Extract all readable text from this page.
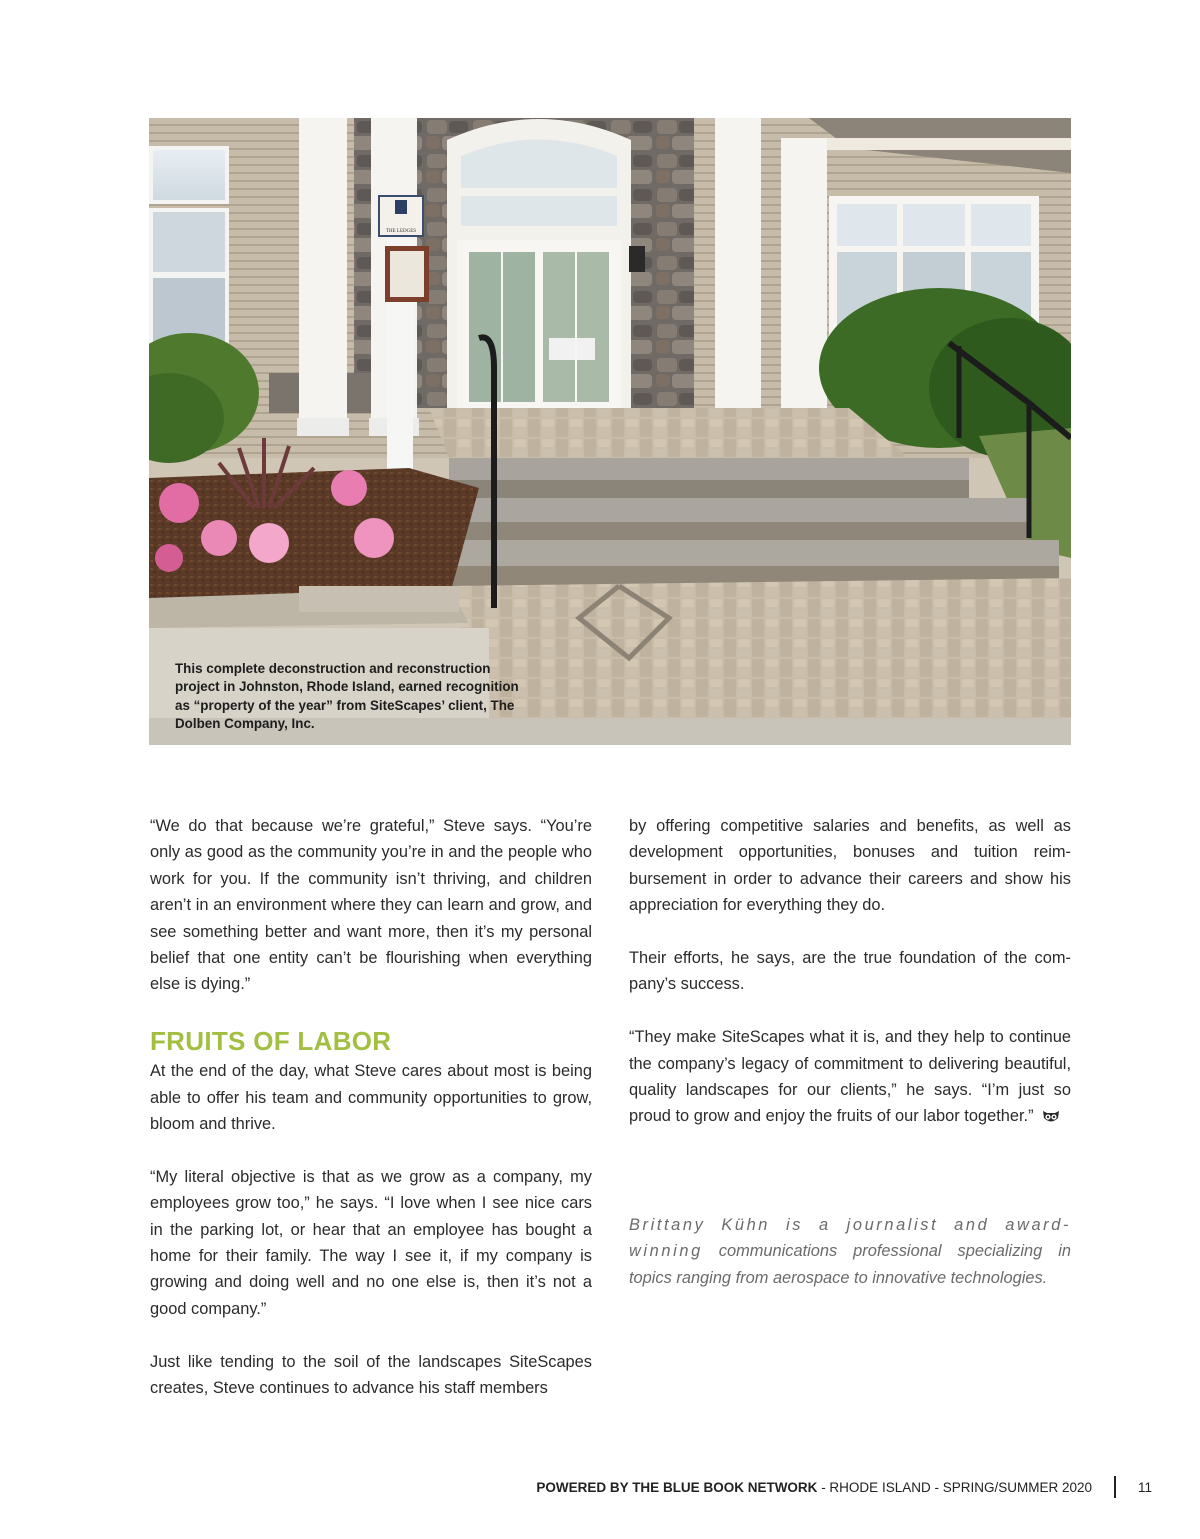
THE LEDGES

This complete deconstruction and reconstruction project in Johnston, Rhode Island, earned recognition as “property of the year” from SiteScapes’ client, The Dolben Company, Inc.

“We do that because we’re grateful,” Steve says. “You’re only as good as the community you’re in and the people who work for you. If the community isn’t thriving, and children aren’t in an environment where they can learn and grow, and see something better and want more, then it’s my personal belief that one entity can’t be flourishing when everything else is dying.”

FRUITS OF LABOR

At the end of the day, what Steve cares about most is being able to offer his team and community opportunities to grow, bloom and thrive.

“My literal objective is that as we grow as a company, my employees grow too,” he says. “I love when I see nice cars in the parking lot, or hear that an employee has bought a home for their family. The way I see it, if my company is growing and doing well and no one else is, then it’s not a good company.”

Just like tending to the soil of the landscapes SiteScapes creates, Steve continues to advance his staff members

by offering competitive salaries and benefits, as well as development opportunities, bonuses and tuition reimbursement in order to advance their careers and show his appreciation for everything they do.

Their efforts, he says, are the true foundation of the company’s success.

“They make SiteScapes what it is, and they help to continue the company’s legacy of commitment to delivering beautiful, quality landscapes for our clients,” he says. “I’m just so proud to grow and enjoy the fruits of our labor together.”

Brittany Kühn is a journalist and award-winning communications professional specializing in topics ranging from aerospace to innovative technologies.

POWERED BY THE BLUE BOOK NETWORK - RHODE ISLAND - SPRING/SUMMER 2020	11
